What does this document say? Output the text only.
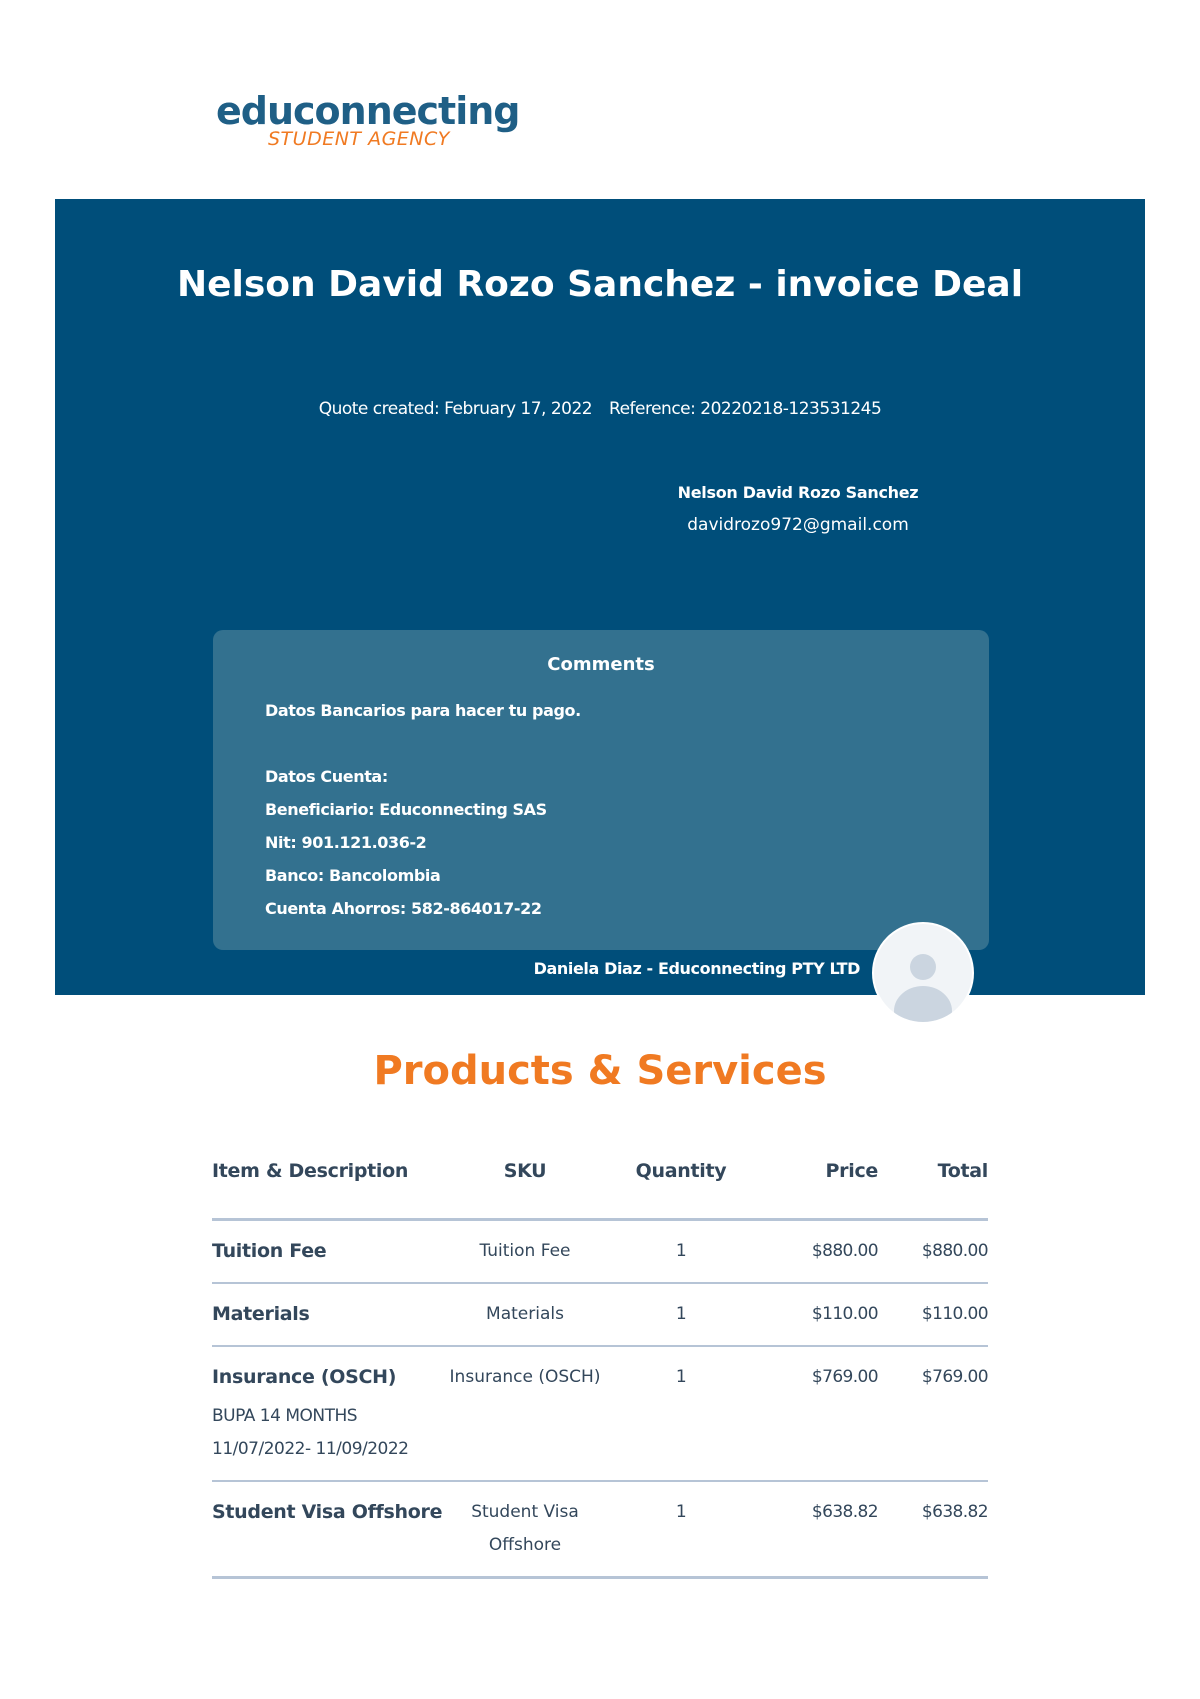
educonnecting
STUDENT AGENCY
Nelson David Rozo Sanchez - invoice Deal
Quote created: February 17, 2022 Reference: 20220218-123531245
Nelson David Rozo Sanchez
davidrozo972@gmail.com
Comments
Datos Bancarios para hacer tu pago.
Datos Cuenta:
Beneficiario: Educonnecting SAS
Nit: 901.121.036-2
Banco: Bancolombia
Cuenta Ahorros: 582-864017-22
Daniela Diaz - Educonnecting PTY LTD
Products & Services
Item & Description	SKU	Quantity	Price	Total

Tuition Fee	Tuition Fee	1	$880.00	$880.00

Materials	Materials	1	$110.00	$110.00

Insurance (OSCH)
BUPA 14 MONTHS 11/07/2022- 11/09/2022	Insurance (OSCH)	1	$769.00	$769.00

Student Visa Offshore	Student Visa Offshore	1	$638.82	$638.82
